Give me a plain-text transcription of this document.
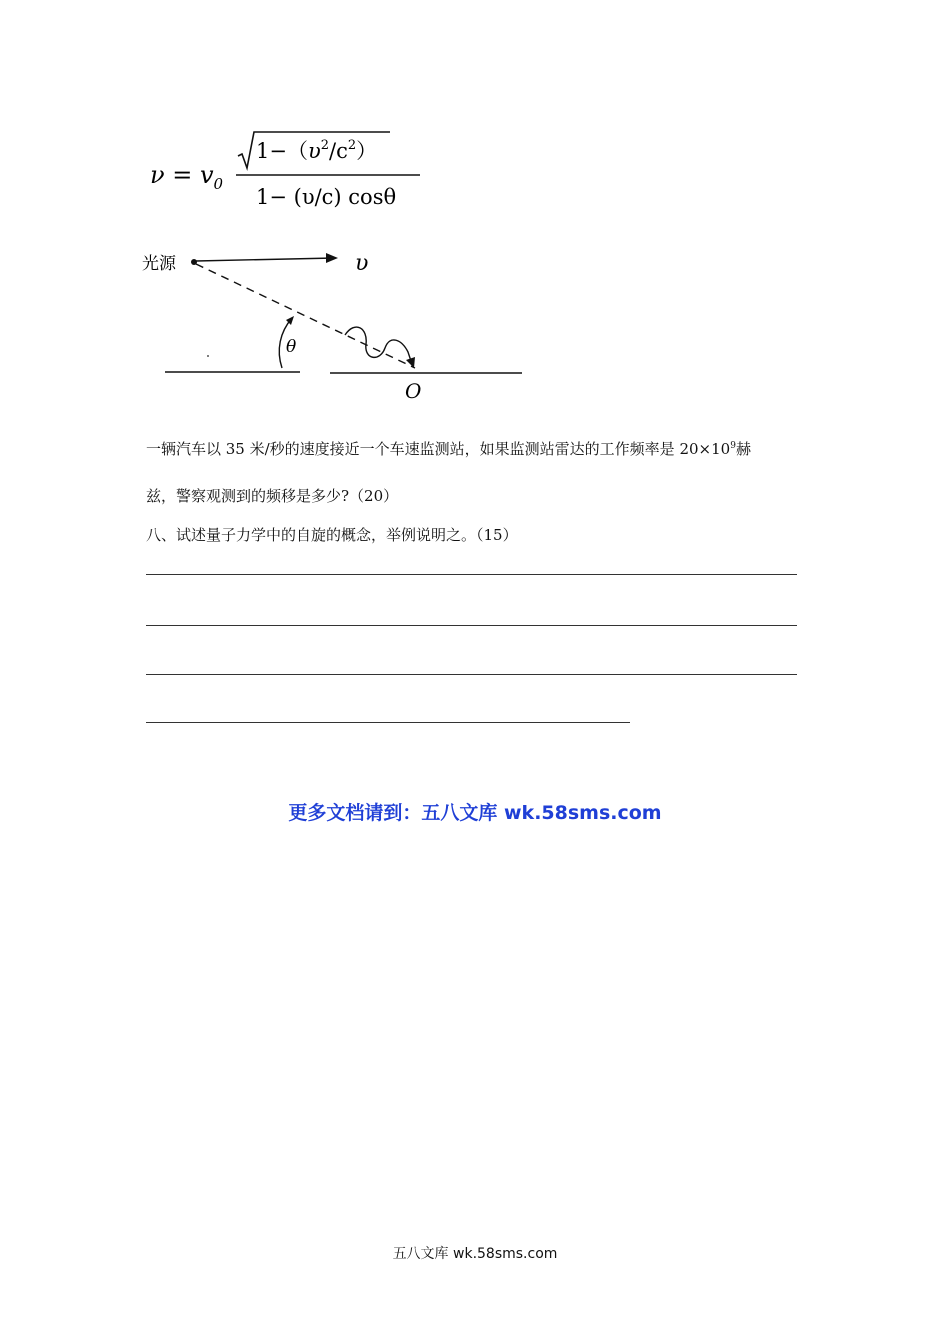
$\nu = v_0$
$1-(\upsilon^2/c^2)$
1− (υ/c) cosθ
光源	υ
θ
O
一辆汽车以 35 米/秒的速度接近一个车速监测站，如果监测站雷达的工作频率是 $20\times 10^9$赫
兹，警察观测到的频移是多少?（20）
八、试述量子力学中的自旋的概念，举例说明之。（15）
更多文档请到：五八文库 wk.58sms.com
五八文库 wk.58sms.com
